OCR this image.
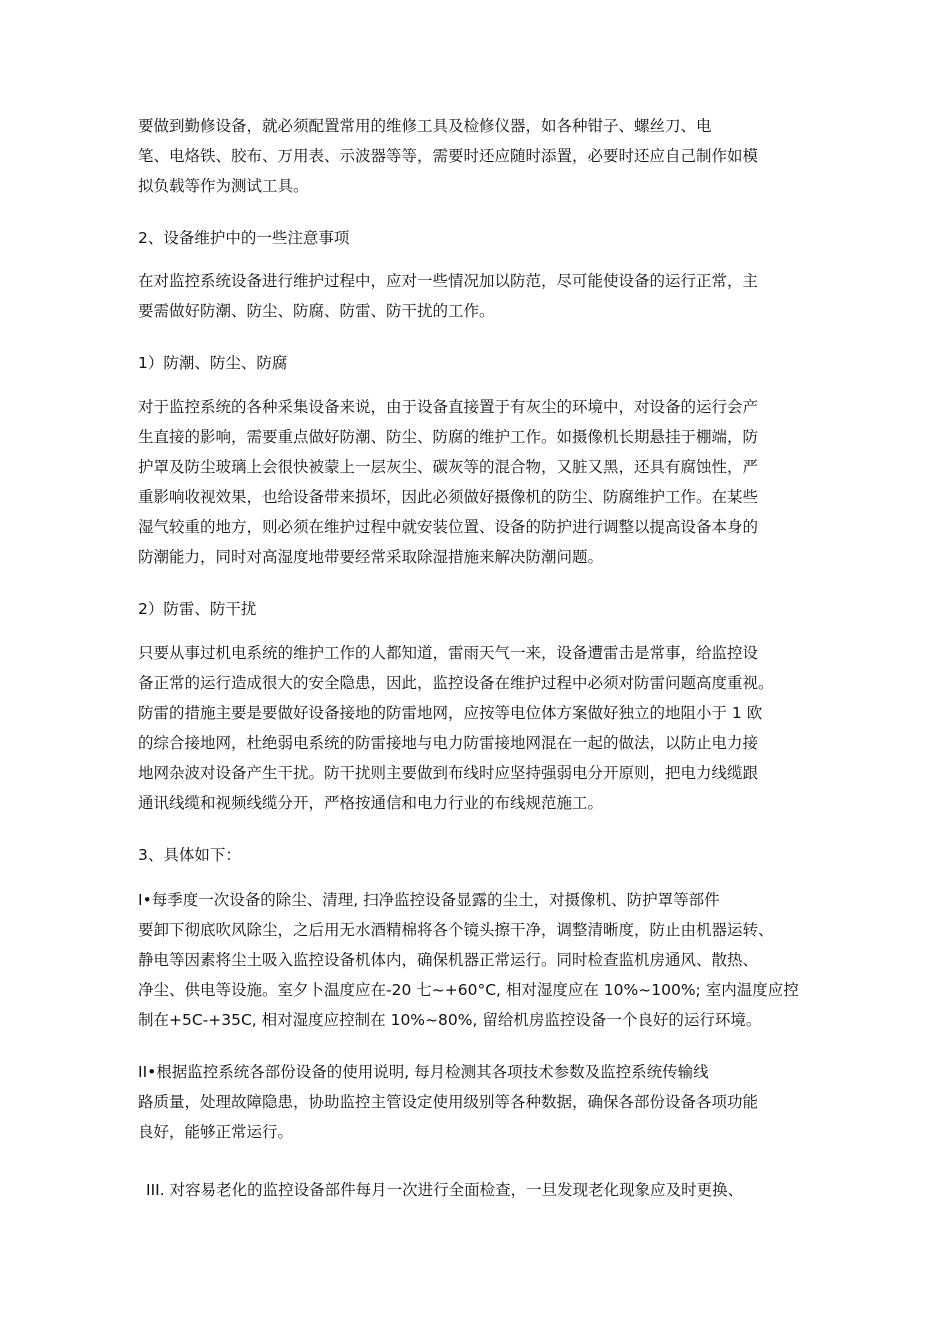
要做到勤修设备，就必须配置常用的维修工具及检修仪器，如各种钳子、螺丝刀、电
笔、电烙铁、胶布、万用表、示波器等等，需要时还应随时添置，必要时还应自己制作如模
拟负载等作为测试工具。
2、设备维护中的一些注意事项
在对监控系统设备进行维护过程中，应对一些情况加以防范，尽可能使设备的运行正常，主
要需做好防潮、防尘、防腐、防雷、防干扰的工作。
1）防潮、防尘、防腐
对于监控系统的各种采集设备来说，由于设备直接置于有灰尘的环境中，对设备的运行会产
生直接的影响，需要重点做好防潮、防尘、防腐的维护工作。如摄像机长期悬挂于棚端，防
护罩及防尘玻璃上会很快被蒙上一层灰尘、碳灰等的混合物，又脏又黑，还具有腐蚀性，严
重影响收视效果，也给设备带来损坏，因此必须做好摄像机的防尘、防腐维护工作。在某些
湿气较重的地方，则必须在维护过程中就安装位置、设备的防护进行调整以提高设备本身的
防潮能力，同时对高湿度地带要经常采取除湿措施来解决防潮问题。
2）防雷、防干扰
只要从事过机电系统的维护工作的人都知道，雷雨天气一来，设备遭雷击是常事，给监控设
备正常的运行造成很大的安全隐患，因此，监控设备在维护过程中必须对防雷问题高度重视。
防雷的措施主要是要做好设备接地的防雷地网，应按等电位体方案做好独立的地阻小于 1 欧
的综合接地网，杜绝弱电系统的防雷接地与电力防雷接地网混在一起的做法，以防止电力接
地网杂波对设备产生干扰。防干扰则主要做到布线时应坚持强弱电分开原则，把电力线缆跟
通讯线缆和视频线缆分开，严格按通信和电力行业的布线规范施工。
3、具体如下：
I•每季度一次设备的除尘、清理, 扫净监控设备显露的尘土，对摄像机、防护罩等部件
要卸下彻底吹风除尘，之后用无水酒精棉将各个镜头擦干净，调整清晰度，防止由机器运转、
静电等因素将尘土吸入监控设备机体内，确保机器正常运行。同时检查监机房通风、散热、
净尘、供电等设施。室夕卜温度应在-20 七~+60°C, 相对湿度应在 10%~100%; 室内温度应控
制在+5C-+35C, 相对湿度应控制在 10%~80%, 留给机房监控设备一个良好的运行环境。
II•根据监控系统各部份设备的使用说明, 每月检测其各项技术参数及监控系统传输线
路质量，处理故障隐患，协助监控主管设定使用级别等各种数据，确保各部份设备各项功能
良好，能够正常运行。
III. 对容易老化的监控设备部件每月一次进行全面检查，一旦发现老化现象应及时更换、
